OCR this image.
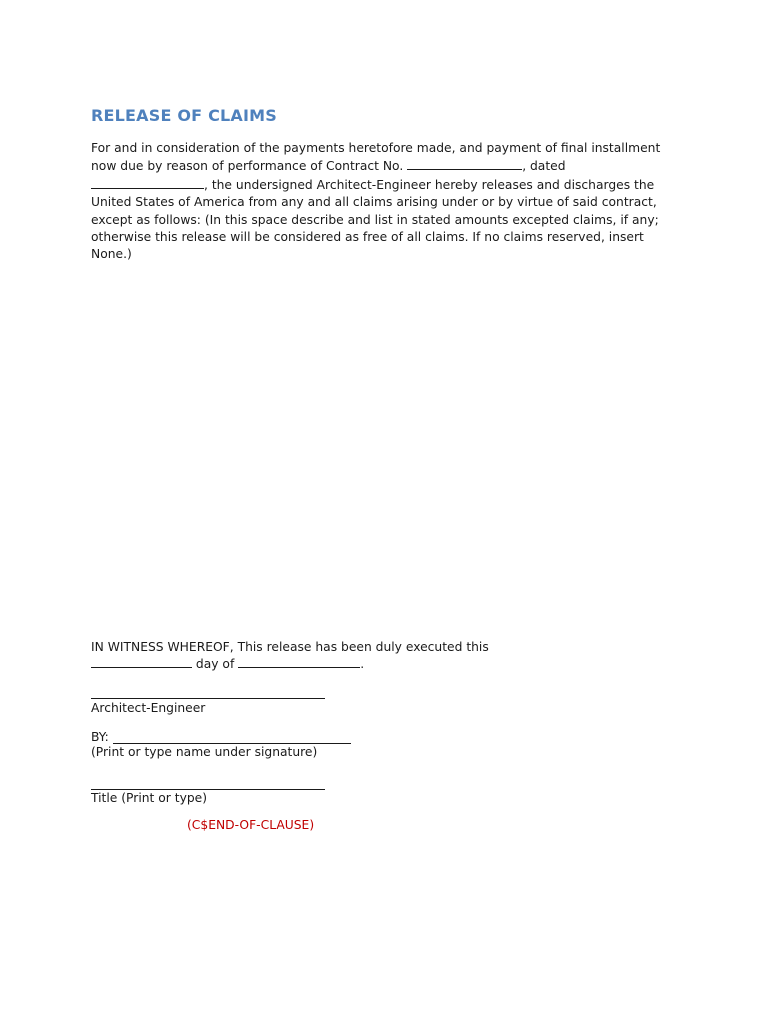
RELEASE OF CLAIMS

For and in consideration of the payments heretofore made, and payment of final installment now due by reason of performance of Contract No.	, dated
, the undersigned Architect-Engineer hereby releases and discharges the United States of America from any and all claims arising under or by virtue of said contract, except as follows: (In this space describe and list in stated amounts excepted claims, if any; otherwise this release will be considered as free of all claims. If no claims reserved, insert None.)

IN WITNESS WHEREOF, This release has been duly executed this
day of	.

Architect-Engineer
BY:
(Print or type name under signature)
Title (Print or type)
(C$END-OF-CLAUSE)
